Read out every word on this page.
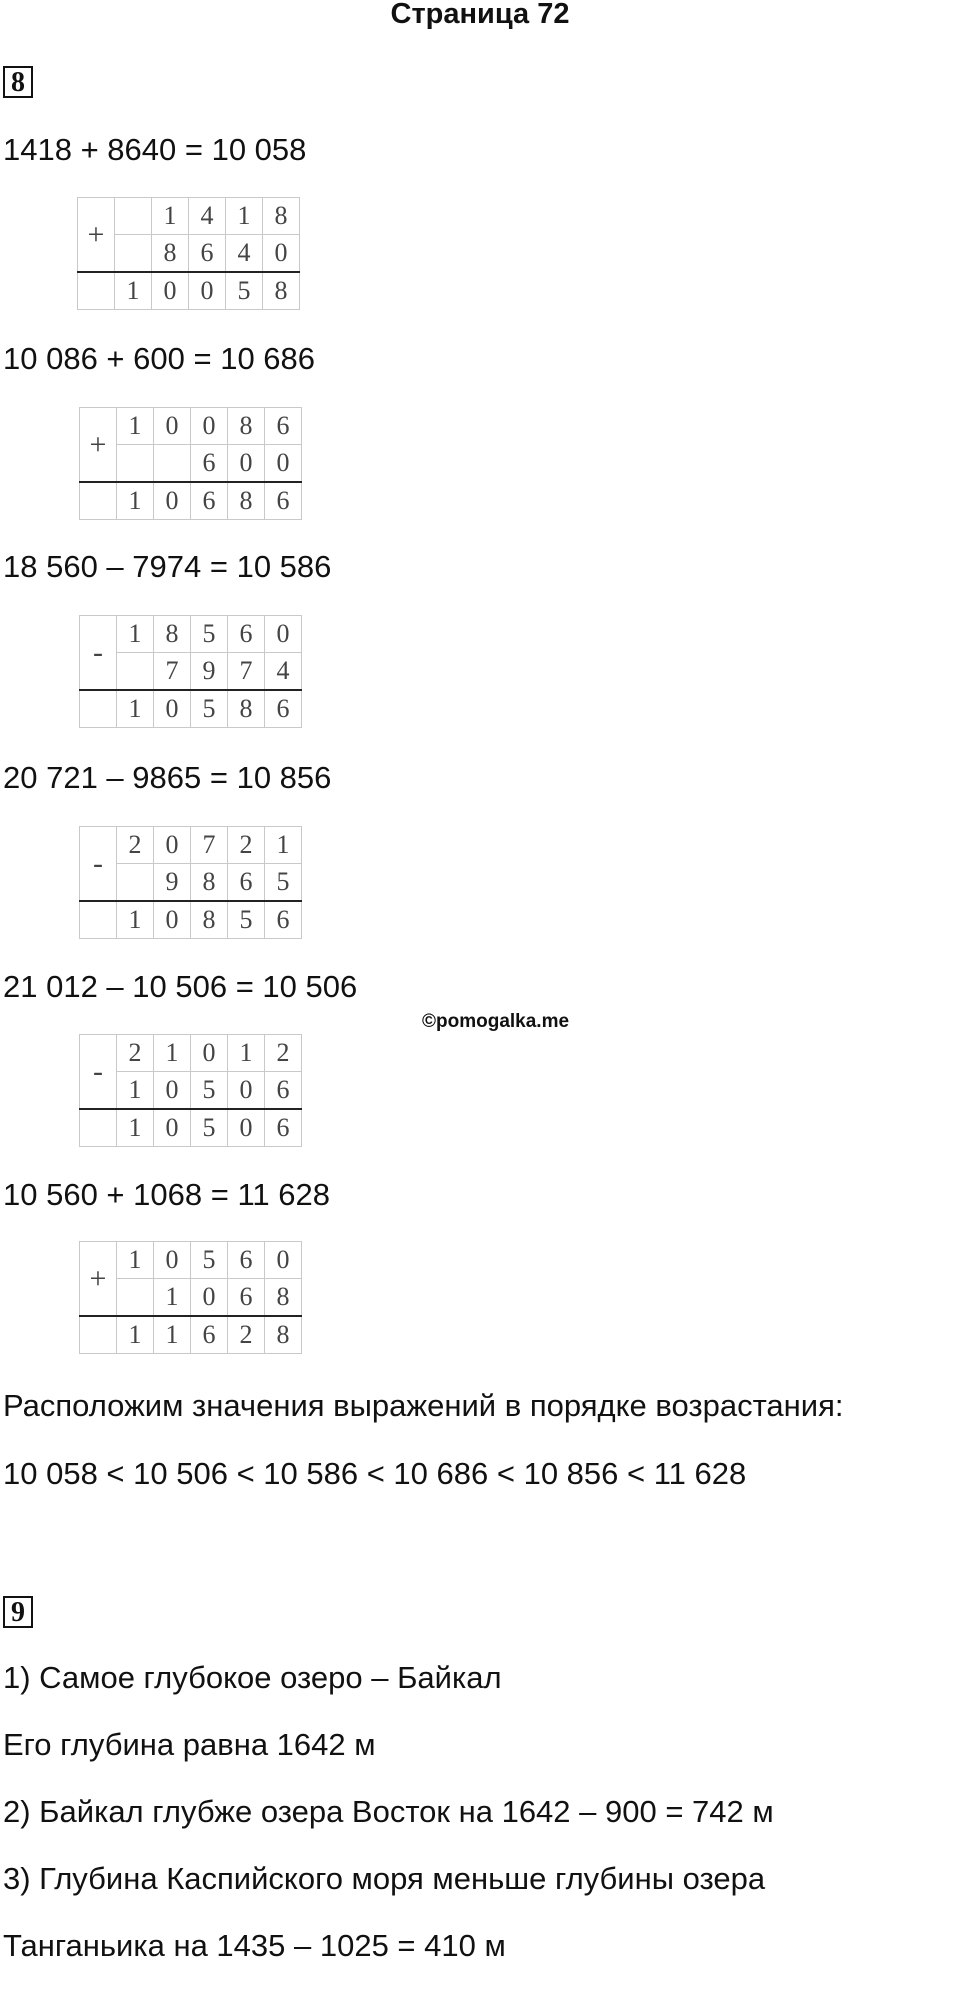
Страница 72
8
1418 + 8640 = 10 058
+		1	4	1	8
		8	6	4	0
	1	0	0	5	8
10 086 + 600 = 10 686
+	1	0	0	8	6
			6	0	0
	1	0	6	8	6
18 560 – 7974 = 10 586
-	1	8	5	6	0
		7	9	7	4
	1	0	5	8	6
20 721 – 9865 = 10 856
-	2	0	7	2	1
		9	8	6	5
	1	0	8	5	6
21 012 – 10 506 = 10 506
©pomogalka.me
-	2	1	0	1	2
	1	0	5	0	6
	1	0	5	0	6
10 560 + 1068 = 11 628
+	1	0	5	6	0
		1	0	6	8
	1	1	6	2	8
Расположим значения выражений в порядке возрастания:
10 058 < 10 506 < 10 586 < 10 686 < 10 856 < 11 628
9
1) Самое глубокое озеро – Байкал
Его глубина равна 1642 м
2) Байкал глубже озера Восток на 1642 – 900 = 742 м
3) Глубина Каспийского моря меньше глубины озера
Танганьика на 1435 – 1025 = 410 м
